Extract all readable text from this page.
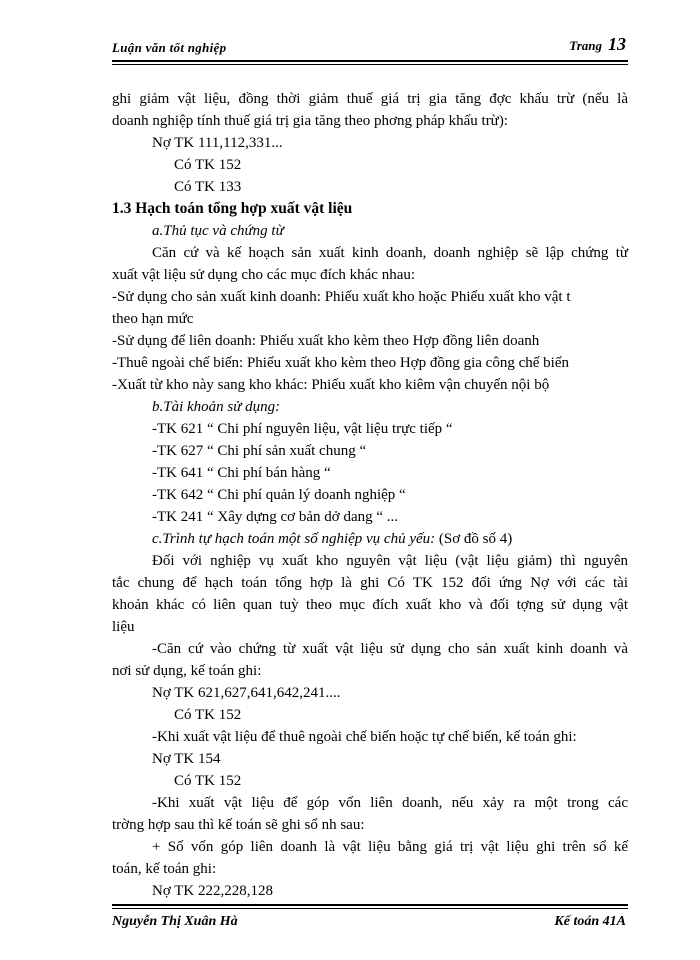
Luận văn tốt nghiệp	Trang 13
ghi giảm vật liệu, đồng thời giảm thuế giá trị gia tăng đợc khấu trừ (nếu là
doanh nghiệp tính thuế giá trị gia tăng theo phơng pháp khấu trừ):
Nợ TK 111,112,331...
Có TK 152
Có TK 133
1.3 Hạch toán tổng hợp xuất vật liệu
a.Thủ tục và chứng từ
Căn cứ và kế hoạch sản xuất kinh doanh, doanh nghiệp sẽ lập chứng từ
xuất vật liệu sử dụng cho các mục đích khác nhau:
-Sử dụng cho sản xuất kinh doanh: Phiếu xuất kho hoặc Phiếu xuất kho vật t
theo hạn mức
-Sử dụng để liên doanh: Phiếu xuất kho kèm theo Hợp đồng liên doanh
-Thuê ngoài chế biến: Phiếu xuất kho kèm theo Hợp đồng gia công chế biến
-Xuất từ kho này sang kho khác: Phiếu xuất kho kiêm vận chuyển nội bộ
b.Tài khoản sử dụng:
-TK 621 “ Chi phí nguyên liệu, vật liệu trực tiếp “
-TK 627 “ Chi phí sản xuất chung “
-TK 641 “ Chi phí bán hàng “
-TK 642 “ Chi phí quản lý doanh nghiệp “
-TK 241 “ Xây dựng cơ bản dở dang “ ...
c.Trình tự hạch toán một số nghiệp vụ chủ yếu: (Sơ đồ số 4)
Đối với nghiệp vụ xuất kho nguyên vật liệu (vật liệu giảm) thì nguyên
tắc chung để hạch toán tổng hợp là ghi Có TK 152 đối ứng Nợ với các tài
khoản khác có liên quan tuỳ theo mục đích xuất kho và đối tợng sử dụng vật
liệu
-Căn cứ vào chứng từ xuất vật liệu sử dụng cho sản xuất kinh doanh và
nơi sử dụng, kế toán ghi:
Nợ TK 621,627,641,642,241....
Có TK 152
-Khi xuất vật liệu để thuê ngoài chế biến hoặc tự chế biến, kế toán ghi:
Nợ TK 154
Có TK 152
-Khi xuất vật liệu để góp vốn liên doanh, nếu xảy ra một trong các
trờng hợp sau thì kế toán sẽ ghi sổ nh sau:
+ Số vốn góp liên doanh là vật liệu bằng giá trị vật liệu ghi trên sổ kế
toán, kế toán ghi:
Nợ TK 222,228,128
Nguyễn Thị Xuân Hà	Kế toán 41A
